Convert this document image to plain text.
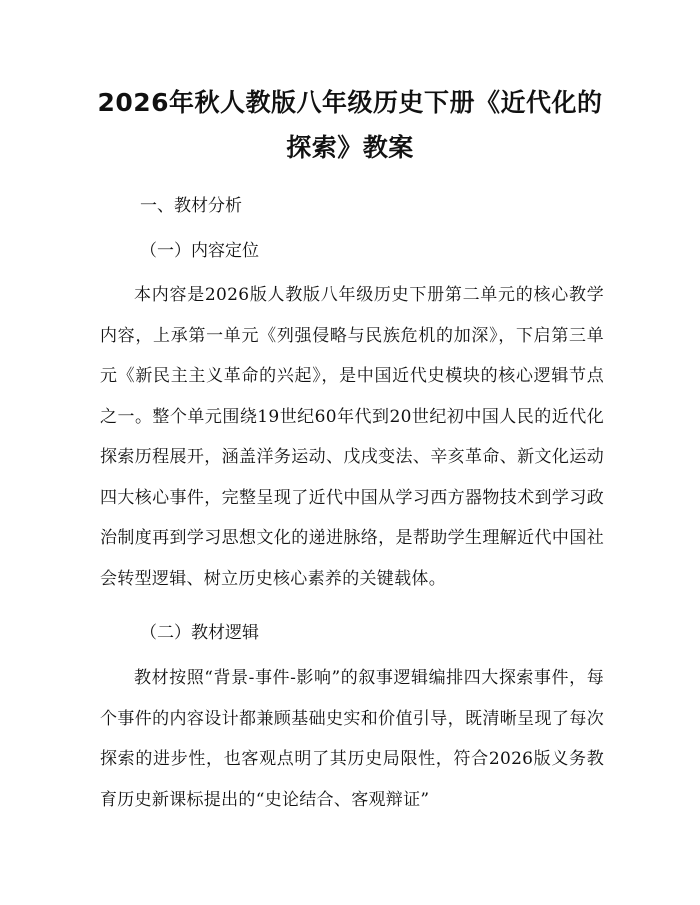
2026年秋人教版八年级历史下册《近代化的
探索》教案
一、教材分析
（一）内容定位

本内容是2026版人教版八年级历史下册第二单元的核心教学内容，上承第一单元《列强侵略与民族危机的加深》，下启第三单元《新民主主义革命的兴起》，是中国近代史模块的核心逻辑节点之一。整个单元围绕19世纪60年代到20世纪初中国人民的近代化探索历程展开，涵盖洋务运动、戊戌变法、辛亥革命、新文化运动四大核心事件，完整呈现了近代中国从学习西方器物技术到学习政治制度再到学习思想文化的递进脉络，是帮助学生理解近代中国社会转型逻辑、树立历史核心素养的关键载体。

（二）教材逻辑

教材按照“背景-事件-影响”的叙事逻辑编排四大探索事件，每个事件的内容设计都兼顾基础史实和价值引导，既清晰呈现了每次探索的进步性，也客观点明了其历史局限性，符合2026版义务教育历史新课标提出的“史论结合、客观辩证”
